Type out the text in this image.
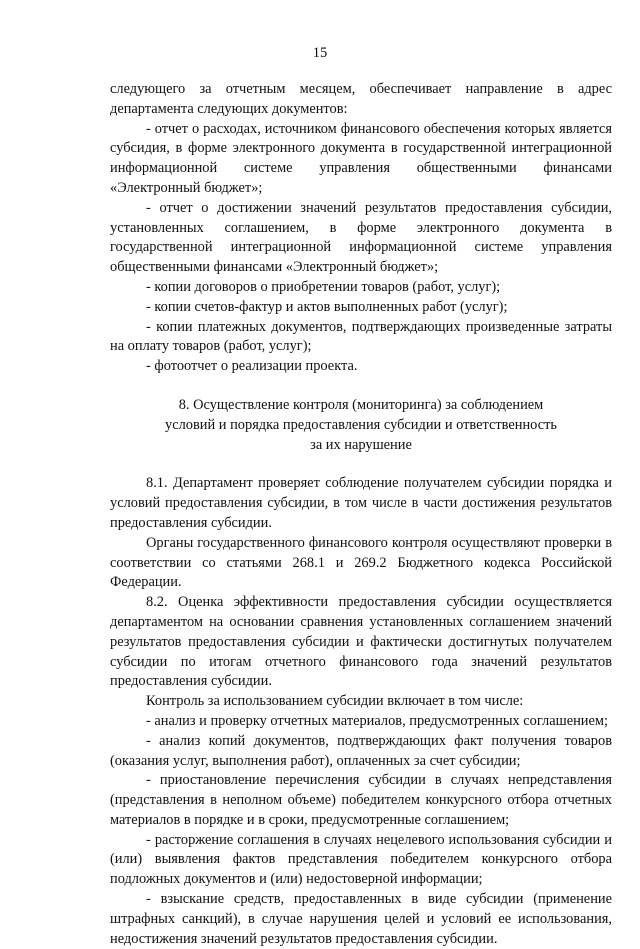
15

следующего за отчетным месяцем, обеспечивает направление в адрес департамента следующих документов:

- отчет о расходах, источником финансового обеспечения которых является субсидия, в форме электронного документа в государственной интеграционной информационной системе управления общественными финансами «Электронный бюджет»;

- отчет о достижении значений результатов предоставления субсидии, установленных соглашением, в форме электронного документа в государственной интеграционной информационной системе управления общественными финансами «Электронный бюджет»;

- копии договоров о приобретении товаров (работ, услуг);

- копии счетов-фактур и актов выполненных работ (услуг);

- копии платежных документов, подтверждающих произведенные затраты на оплату товаров (работ, услуг);

- фотоотчет о реализации проекта.

8. Осуществление контроля (мониторинга) за соблюдением
условий и порядка предоставления субсидии и ответственность
за их нарушение

8.1. Департамент проверяет соблюдение получателем субсидии порядка и условий предоставления субсидии, в том числе в части достижения результатов предоставления субсидии.

Органы государственного финансового контроля осуществляют проверки в соответствии со статьями 268.1 и 269.2 Бюджетного кодекса Российской Федерации.

8.2. Оценка эффективности предоставления субсидии осуществляется департаментом на основании сравнения установленных соглашением значений результатов предоставления субсидии и фактически достигнутых получателем субсидии по итогам отчетного финансового года значений результатов предоставления субсидии.

Контроль за использованием субсидии включает в том числе:

- анализ и проверку отчетных материалов, предусмотренных соглашением;

- анализ копий документов, подтверждающих факт получения товаров (оказания услуг, выполнения работ), оплаченных за счет субсидии;

- приостановление перечисления субсидии в случаях непредставления (представления в неполном объеме) победителем конкурсного отбора отчетных материалов в порядке и в сроки, предусмотренные соглашением;

- расторжение соглашения в случаях нецелевого использования субсидии и (или) выявления фактов представления победителем конкурсного отбора подложных документов и (или) недостоверной информации;

- взыскание средств, предоставленных в виде субсидии (применение штрафных санкций), в случае нарушения целей и условий ее использования, недостижения значений результатов предоставления субсидии.
